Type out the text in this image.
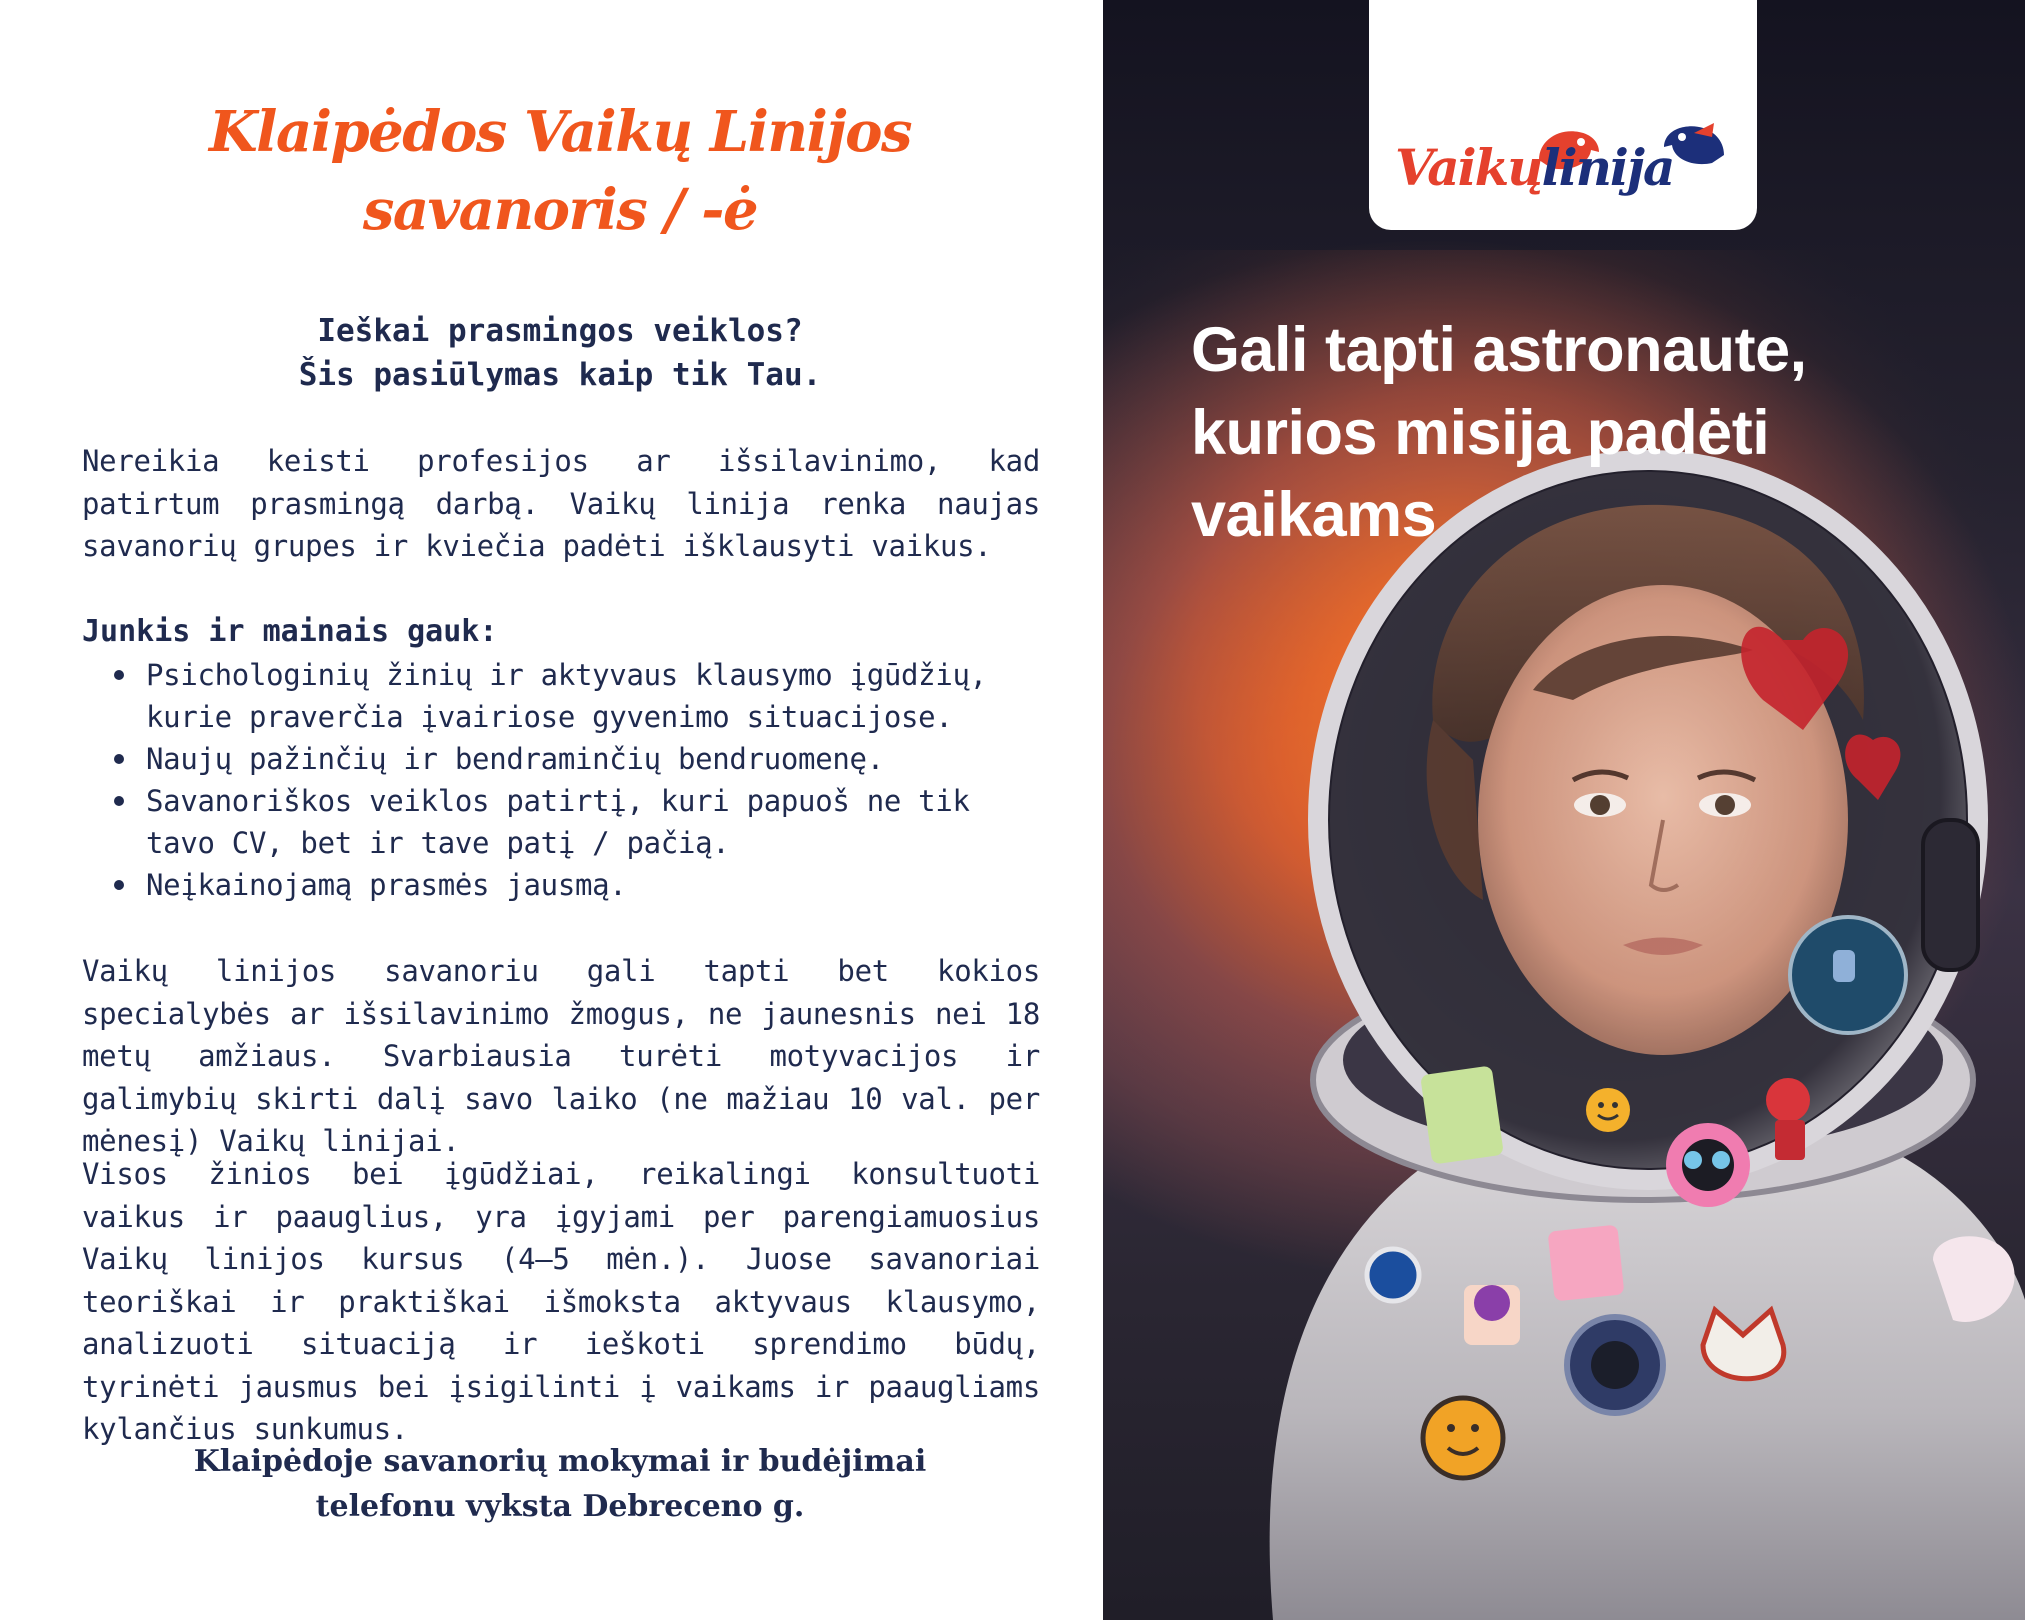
Klaipėdos Vaikų Linijos
savanoris / -ė
Ieškai prasmingos veiklos?
Šis pasiūlymas kaip tik Tau.

Nereikia keisti profesijos ar išsilavinimo, kad patirtum prasmingą darbą. Vaikų linija renka naujas savanorių grupes ir kviečia padėti išklausyti vaikus.

Junkis ir mainais gauk:
Psichologinių žinių ir aktyvaus klausymo įgūdžių, kurie praverčia įvairiose gyvenimo situacijose.
Naujų pažinčių ir bendraminčių bendruomenę.
Savanoriškos veiklos patirtį, kuri papuoš ne tik tavo CV, bet ir tave patį / pačią.
Neįkainojamą prasmės jausmą.

Vaikų linijos savanoriu gali tapti bet kokios specialybės ar išsilavinimo žmogus, ne jaunesnis nei 18 metų amžiaus. Svarbiausia turėti motyvacijos ir galimybių skirti dalį savo laiko (ne mažiau 10 val. per mėnesį) Vaikų linijai.

Visos žinios bei įgūdžiai, reikalingi konsultuoti vaikus ir paauglius, yra įgyjami per parengiamuosius Vaikų linijos kursus (4–5 mėn.). Juose savanoriai teoriškai ir praktiškai išmoksta aktyvaus klausymo, analizuoti situaciją ir ieškoti sprendimo būdų, tyrinėti jausmus bei įsigilinti į vaikams ir paaugliams kylančius sunkumus.

Klaipėdoje savanorių mokymai ir budėjimai
telefonu vyksta Debreceno g.
Vaikųlinija
Gali tapti astronaute,
kurios misija padėti
vaikams
